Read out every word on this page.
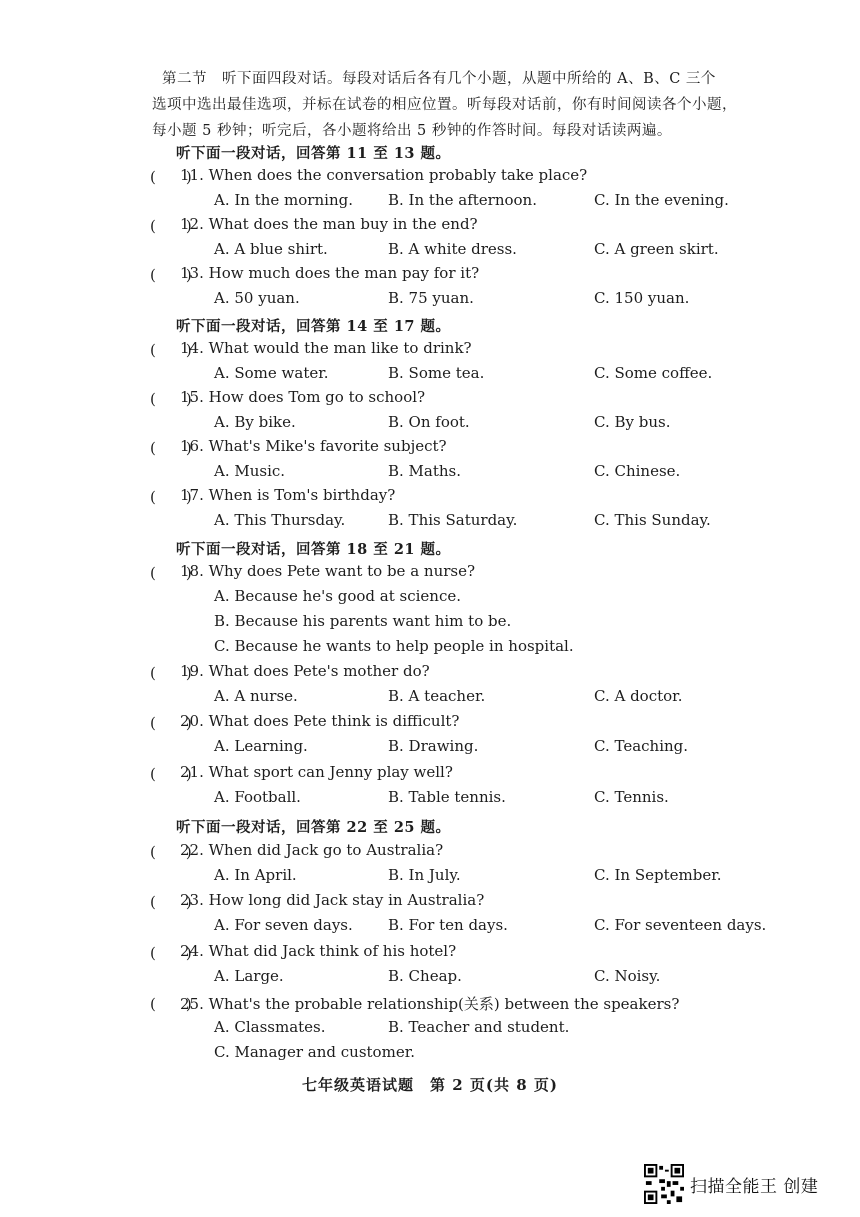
第二节　听下面四段对话。每段对话后各有几个小题，从题中所给的 A、B、C 三个
选项中选出最佳选项，并标在试卷的相应位置。听每段对话前，你有时间阅读各个小题，
每小题 5 秒钟；听完后，各小题将给出 5 秒钟的作答时间。每段对话读两遍。
听下面一段对话，回答第 11 至 13 题。
(　　)
11. When does the conversation probably take place?
A. In the morning. B. In the afternoon.	C. In the evening.
(　　)
12. What does the man buy in the end?
A. A blue shirt.	B. A white dress.	C. A green skirt.
(　　)
13. How much does the man pay for it?
A. 50 yuan.	B. 75 yuan.	C. 150 yuan.
听下面一段对话，回答第 14 至 17 题。
(　　)
14. What would the man like to drink?
A. Some water.	B. Some tea.	C. Some coffee.
(　　)
15. How does Tom go to school?
A. By bike.	B. On foot.	C. By bus.
(　　)
16. What's Mike's favorite subject?
A. Music.	B. Maths.	C. Chinese.
(　　)
17. When is Tom's birthday?
A. This Thursday.	B. This Saturday.	C. This Sunday.
听下面一段对话，回答第 18 至 21 题。
(　　)
18. Why does Pete want to be a nurse?
A. Because he's good at science.
B. Because his parents want him to be.
C. Because he wants to help people in hospital.
(　　)
19. What does Pete's mother do?
A. A nurse.	B. A teacher.	C. A doctor.
(　　)
20. What does Pete think is difficult?
A. Learning.	B. Drawing.	C. Teaching.
(　　)
21. What sport can Jenny play well?
A. Football.	B. Table tennis.	C. Tennis.
听下面一段对话，回答第 22 至 25 题。
(　　)
22. When did Jack go to Australia?
A. In April.	B. In July.	C. In September.
(　　)
23. How long did Jack stay in Australia?
A. For seven days. B. For ten days.	C. For seventeen days.
(　　)
24. What did Jack think of his hotel?
A. Large.	B. Cheap.	C. Noisy.
(　　)
25. What's the probable relationship(关系) between the speakers?
A. Classmates.	B. Teacher and student.
C. Manager and customer.
七年级英语试题　第 2 页(共 8 页)
扫描全能王 创建
